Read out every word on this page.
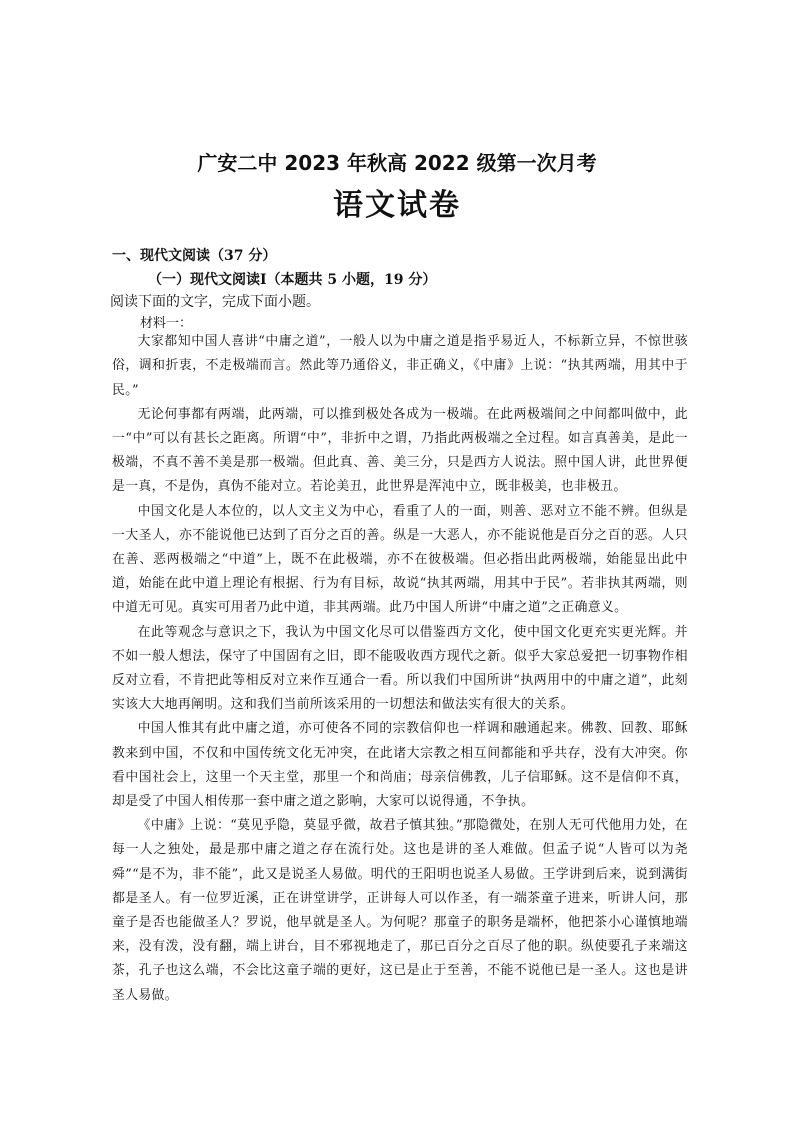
广安二中 2023 年秋高 2022 级第一次月考
语文试卷
一、现代文阅读（37 分）
（一）现代文阅读Ⅰ（本题共 5 小题，19 分）
阅读下面的文字，完成下面小题。
材料一：

大家都知中国人喜讲“中庸之道”，一般人以为中庸之道是指乎易近人，不标新立异，不惊世骇俗，调和折衷，不走极端而言。然此等乃通俗义，非正确义，《中庸》上说：“执其两端，用其中于民。”

无论何事都有两端，此两端，可以推到极处各成为一极端。在此两极端间之中间都叫做中，此一“中”可以有甚长之距离。所谓“中”，非折中之谓，乃指此两极端之全过程。如言真善美，是此一极端，不真不善不美是那一极端。但此真、善、美三分，只是西方人说法。照中国人讲，此世界便是一真，不是伪，真伪不能对立。若论美丑，此世界是浑沌中立，既非极美，也非极丑。

中国文化是人本位的，以人文主义为中心，看重了人的一面，则善、恶对立不能不辨。但纵是一大圣人，亦不能说他已达到了百分之百的善。纵是一大恶人，亦不能说他是百分之百的恶。人只在善、恶两极端之“中道”上，既不在此极端，亦不在彼极端。但必指出此两极端，始能显出此中道，始能在此中道上理论有根据、行为有目标，故说“执其两端，用其中于民”。若非执其两端，则中道无可见。真实可用者乃此中道，非其两端。此乃中国人所讲“中庸之道”之正确意义。

在此等观念与意识之下，我认为中国文化尽可以借鉴西方文化，使中国文化更充实更光辉。并不如一般人想法，保守了中国固有之旧，即不能吸收西方现代之新。似乎大家总爱把一切事物作相反对立看，不肯把此等相反对立来作互通合一看。所以我们中国所讲“执两用中的中庸之道”，此刻实该大大地再阐明。这和我们当前所该采用的一切想法和做法实有很大的关系。

中国人惟其有此中庸之道，亦可使各不同的宗教信仰也一样调和融通起来。佛教、回教、耶稣教来到中国，不仅和中国传统文化无冲突，在此诸大宗教之相互间都能和乎共存，没有大冲突。你看中国社会上，这里一个天主堂，那里一个和尚庙；母亲信佛教，儿子信耶稣。这不是信仰不真，却是受了中国人相传那一套中庸之道之影响，大家可以说得通，不争执。

《中庸》上说：“莫见乎隐，莫显乎微，故君子慎其独。”那隐微处，在别人无可代他用力处，在每一人之独处，最是那中庸之道之存在流行处。这也是讲的圣人难做。但孟子说“人皆可以为尧舜”“是不为，非不能”，此又是说圣人易做。明代的王阳明也说圣人易做。王学讲到后来，说到满街都是圣人。有一位罗近溪，正在讲堂讲学，正讲每人可以作圣，有一端茶童子进来，听讲人问，那童子是否也能做圣人？罗说，他早就是圣人。为何呢？那童子的职务是端杯，他把茶小心谨慎地端来，没有泼，没有翻，端上讲台，目不邪视地走了，那已百分之百尽了他的职。纵使要孔子来端这茶，孔子也这么端，不会比这童子端的更好，这已是止于至善，不能不说他已是一圣人。这也是讲圣人易做。
